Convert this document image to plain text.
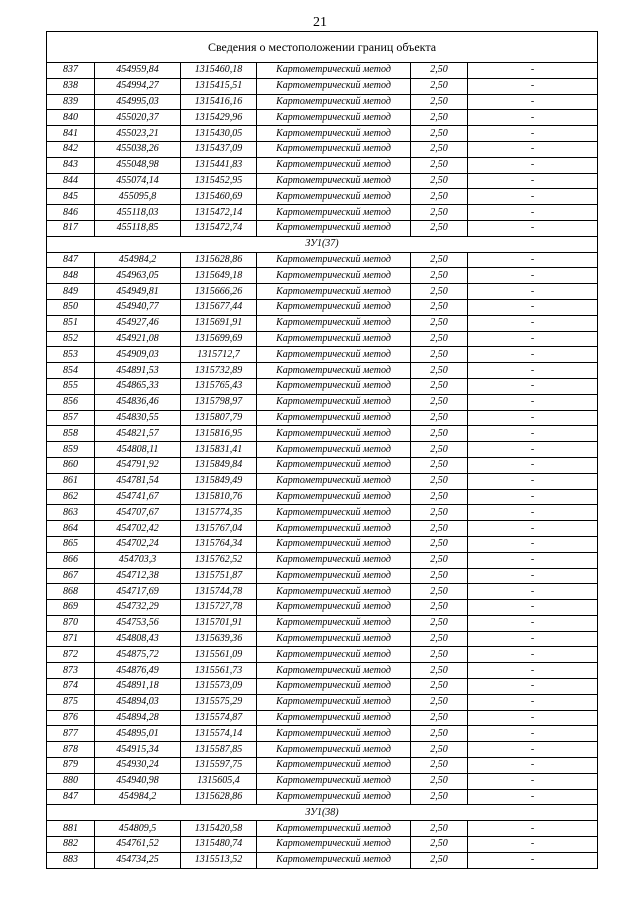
21
Сведения о местоположении границ объекта					
837	454959,84	1315460,18	Картометрический метод	2,50	-
838	454994,27	1315415,51	Картометрический метод	2,50	-
839	454995,03	1315416,16	Картометрический метод	2,50	-
840	455020,37	1315429,96	Картометрический метод	2,50	-
841	455023,21	1315430,05	Картометрический метод	2,50	-
842	455038,26	1315437,09	Картометрический метод	2,50	-
843	455048,98	1315441,83	Картометрический метод	2,50	-
844	455074,14	1315452,95	Картометрический метод	2,50	-
845	455095,8	1315460,69	Картометрический метод	2,50	-
846	455118,03	1315472,14	Картометрический метод	2,50	-
817	455118,85	1315472,74	Картометрический метод	2,50	-
ЗУ1(37)					
847	454984,2	1315628,86	Картометрический метод	2,50	-
848	454963,05	1315649,18	Картометрический метод	2,50	-
849	454949,81	1315666,26	Картометрический метод	2,50	-
850	454940,77	1315677,44	Картометрический метод	2,50	-
851	454927,46	1315691,91	Картометрический метод	2,50	-
852	454921,08	1315699,69	Картометрический метод	2,50	-
853	454909,03	1315712,7	Картометрический метод	2,50	-
854	454891,53	1315732,89	Картометрический метод	2,50	-
855	454865,33	1315765,43	Картометрический метод	2,50	-
856	454836,46	1315798,97	Картометрический метод	2,50	-
857	454830,55	1315807,79	Картометрический метод	2,50	-
858	454821,57	1315816,95	Картометрический метод	2,50	-
859	454808,11	1315831,41	Картометрический метод	2,50	-
860	454791,92	1315849,84	Картометрический метод	2,50	-
861	454781,54	1315849,49	Картометрический метод	2,50	-
862	454741,67	1315810,76	Картометрический метод	2,50	-
863	454707,67	1315774,35	Картометрический метод	2,50	-
864	454702,42	1315767,04	Картометрический метод	2,50	-
865	454702,24	1315764,34	Картометрический метод	2,50	-
866	454703,3	1315762,52	Картометрический метод	2,50	-
867	454712,38	1315751,87	Картометрический метод	2,50	-
868	454717,69	1315744,78	Картометрический метод	2,50	-
869	454732,29	1315727,78	Картометрический метод	2,50	-
870	454753,56	1315701,91	Картометрический метод	2,50	-
871	454808,43	1315639,36	Картометрический метод	2,50	-
872	454875,72	1315561,09	Картометрический метод	2,50	-
873	454876,49	1315561,73	Картометрический метод	2,50	-
874	454891,18	1315573,09	Картометрический метод	2,50	-
875	454894,03	1315575,29	Картометрический метод	2,50	-
876	454894,28	1315574,87	Картометрический метод	2,50	-
877	454895,01	1315574,14	Картометрический метод	2,50	-
878	454915,34	1315587,85	Картометрический метод	2,50	-
879	454930,24	1315597,75	Картометрический метод	2,50	-
880	454940,98	1315605,4	Картометрический метод	2,50	-
847	454984,2	1315628,86	Картометрический метод	2,50	-
ЗУ1(38)					
881	454809,5	1315420,58	Картометрический метод	2,50	-
882	454761,52	1315480,74	Картометрический метод	2,50	-
883	454734,25	1315513,52	Картометрический метод	2,50	-
